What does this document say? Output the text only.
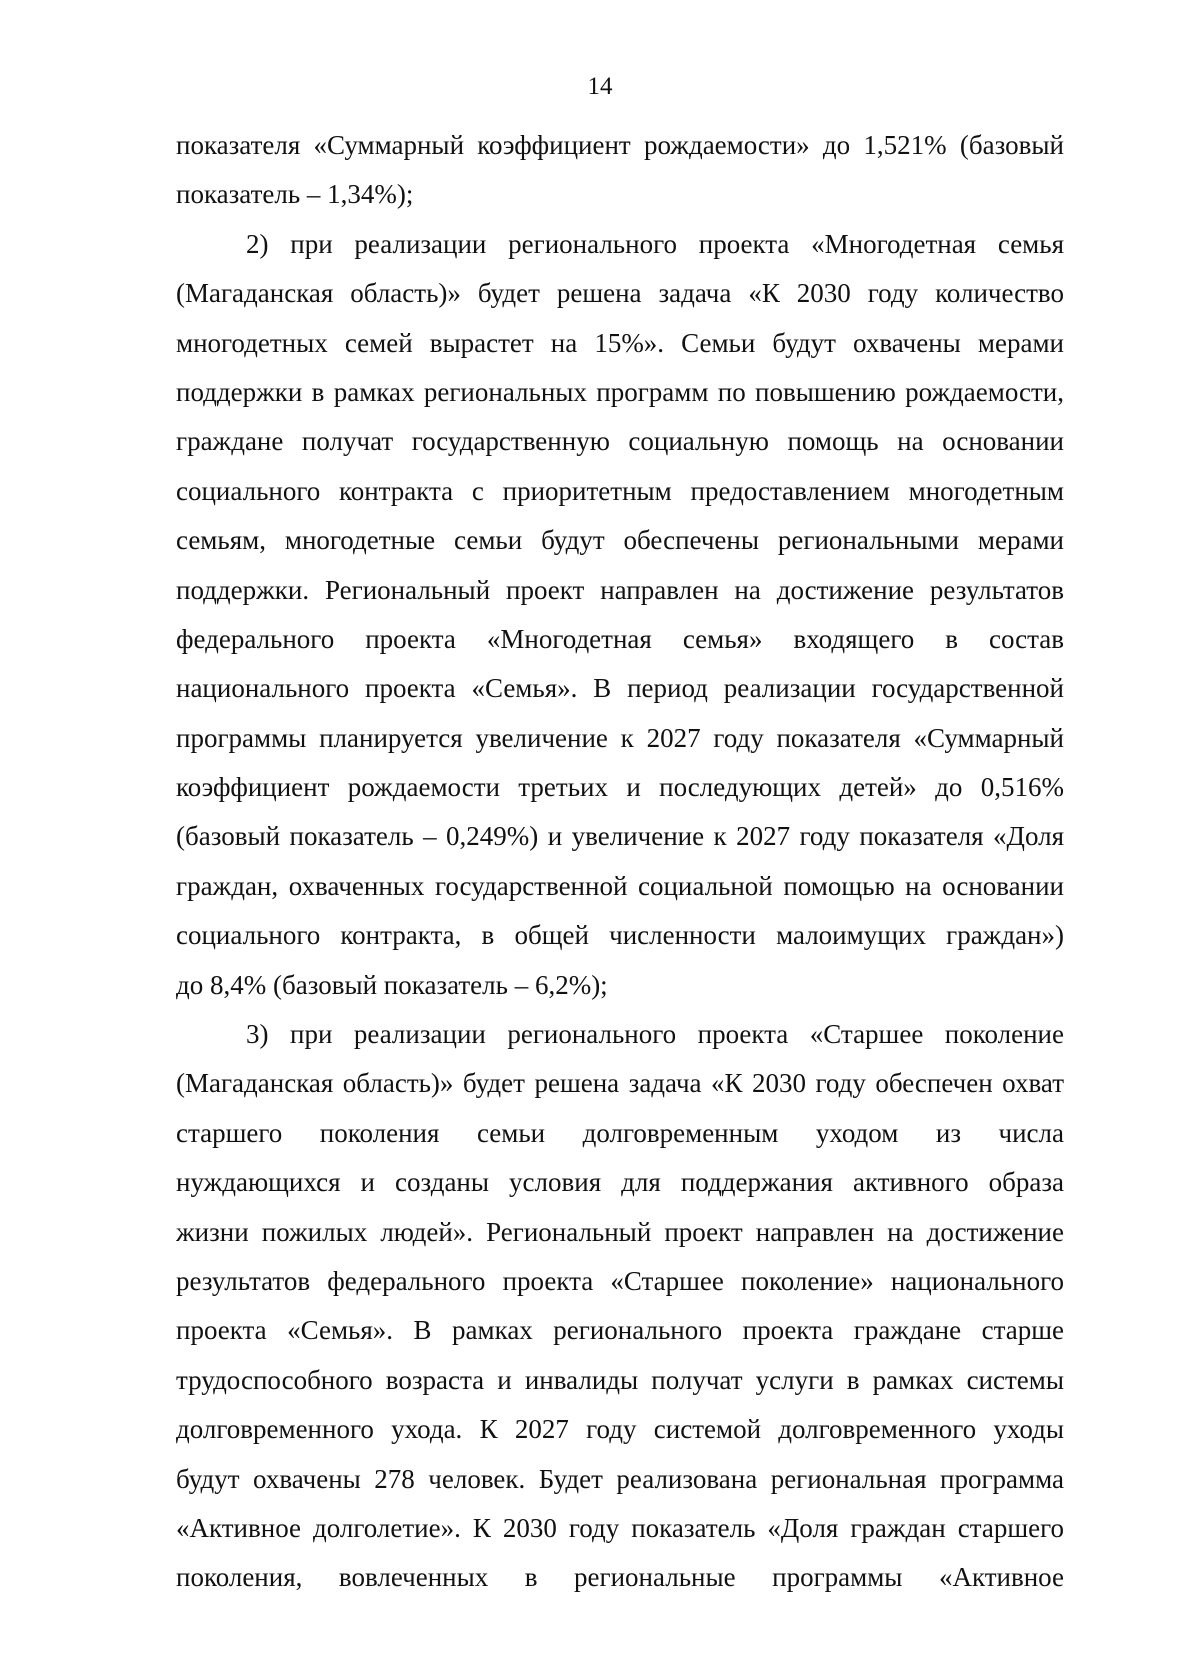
14
показателя «Суммарный коэффициент рождаемости» до 1,521% (базовый
показатель – 1,34%);
2) при реализации регионального проекта «Многодетная семья
(Магаданская область)» будет решена задача «К 2030 году количество
многодетных семей вырастет на 15%». Семьи будут охвачены мерами
поддержки в рамках региональных программ по повышению рождаемости,
граждане получат государственную социальную помощь на основании
социального контракта с приоритетным предоставлением многодетным
семьям, многодетные семьи будут обеспечены региональными мерами
поддержки. Региональный проект направлен на достижение результатов
федерального проекта «Многодетная семья» входящего в состав
национального проекта «Семья». В период реализации государственной
программы планируется увеличение к 2027 году показателя «Суммарный
коэффициент рождаемости третьих и последующих детей» до 0,516%
(базовый показатель – 0,249%) и увеличение к 2027 году показателя «Доля
граждан, охваченных государственной социальной помощью на основании
социального контракта, в общей численности малоимущих граждан»)
до 8,4% (базовый показатель – 6,2%);
3) при реализации регионального проекта «Старшее поколение
(Магаданская область)» будет решена задача «К 2030 году обеспечен охват
старшего поколения семьи долговременным уходом из числа
нуждающихся и созданы условия для поддержания активного образа
жизни пожилых людей». Региональный проект направлен на достижение
результатов федерального проекта «Старшее поколение» национального
проекта «Семья». В рамках регионального проекта граждане старше
трудоспособного возраста и инвалиды получат услуги в рамках системы
долговременного ухода. К 2027 году системой долговременного уходы
будут охвачены 278 человек. Будет реализована региональная программа
«Активное долголетие». К 2030 году показатель «Доля граждан старшего
поколения, вовлеченных в региональные программы «Активное
